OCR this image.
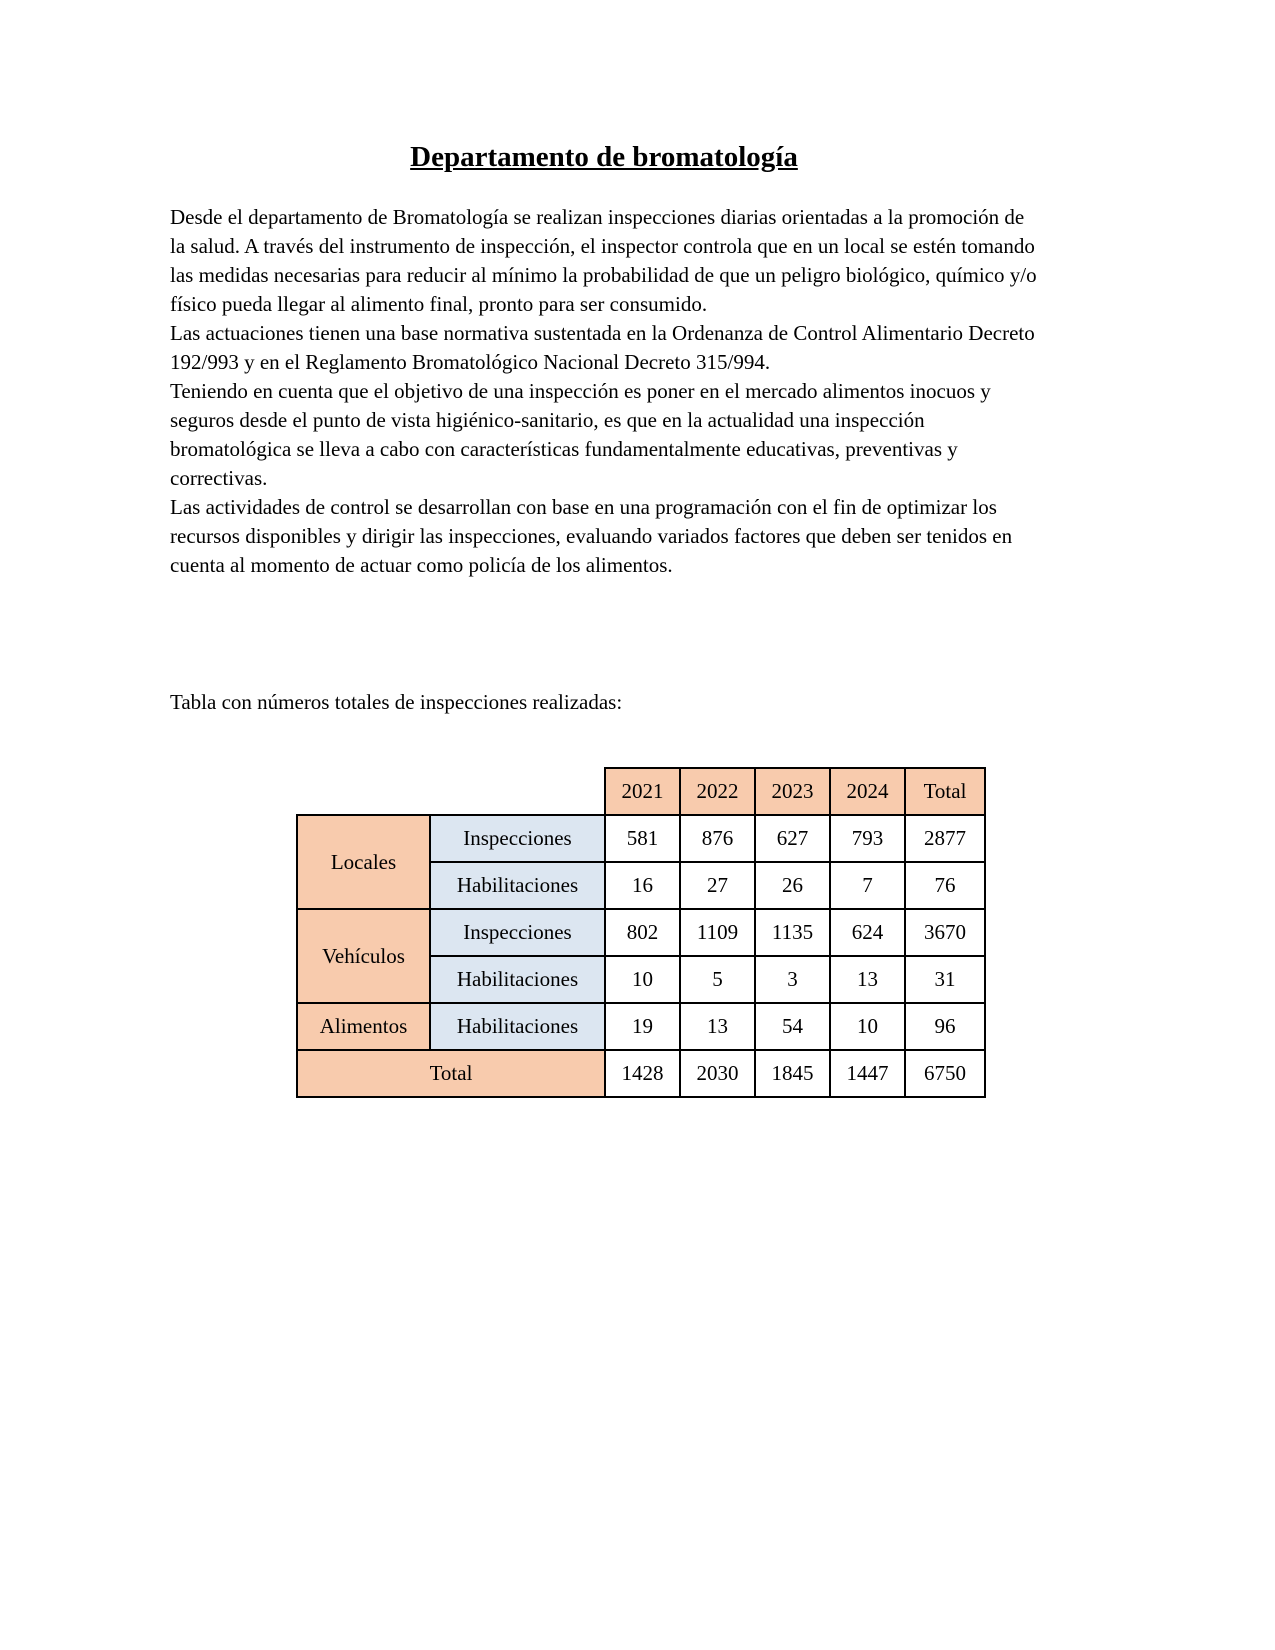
Departamento de bromatología

Desde el departamento de Bromatología se realizan inspecciones diarias orientadas a la promoción de la salud. A través del instrumento de inspección, el inspector controla que en un local se estén tomando las medidas necesarias para reducir al mínimo la probabilidad de que un peligro biológico, químico y/o físico pueda llegar al alimento final, pronto para ser consumido.

Las actuaciones tienen una base normativa sustentada en la Ordenanza de Control Alimentario Decreto 192/993 y en el Reglamento Bromatológico Nacional Decreto 315/994.

Teniendo en cuenta que el objetivo de una inspección es poner en el mercado alimentos inocuos y seguros desde el punto de vista higiénico-sanitario, es que en la actualidad una inspección bromatológica se lleva a cabo con características fundamentalmente educativas, preventivas y correctivas.

Las actividades de control se desarrollan con base en una programación con el fin de optimizar los recursos disponibles y dirigir las inspecciones, evaluando variados factores que deben ser tenidos en cuenta al momento de actuar como policía de los alimentos.

Tabla con números totales de inspecciones realizadas:
		2021	2022	2023	2024	Total
Locales	Inspecciones	581	876	627	793	2877
	Habilitaciones	16	27	26	7	76
Vehículos	Inspecciones	802	1109	1135	624	3670
	Habilitaciones	10	5	3	13	31
Alimentos	Habilitaciones	19	13	54	10	96
Total		1428	2030	1845	1447	6750
